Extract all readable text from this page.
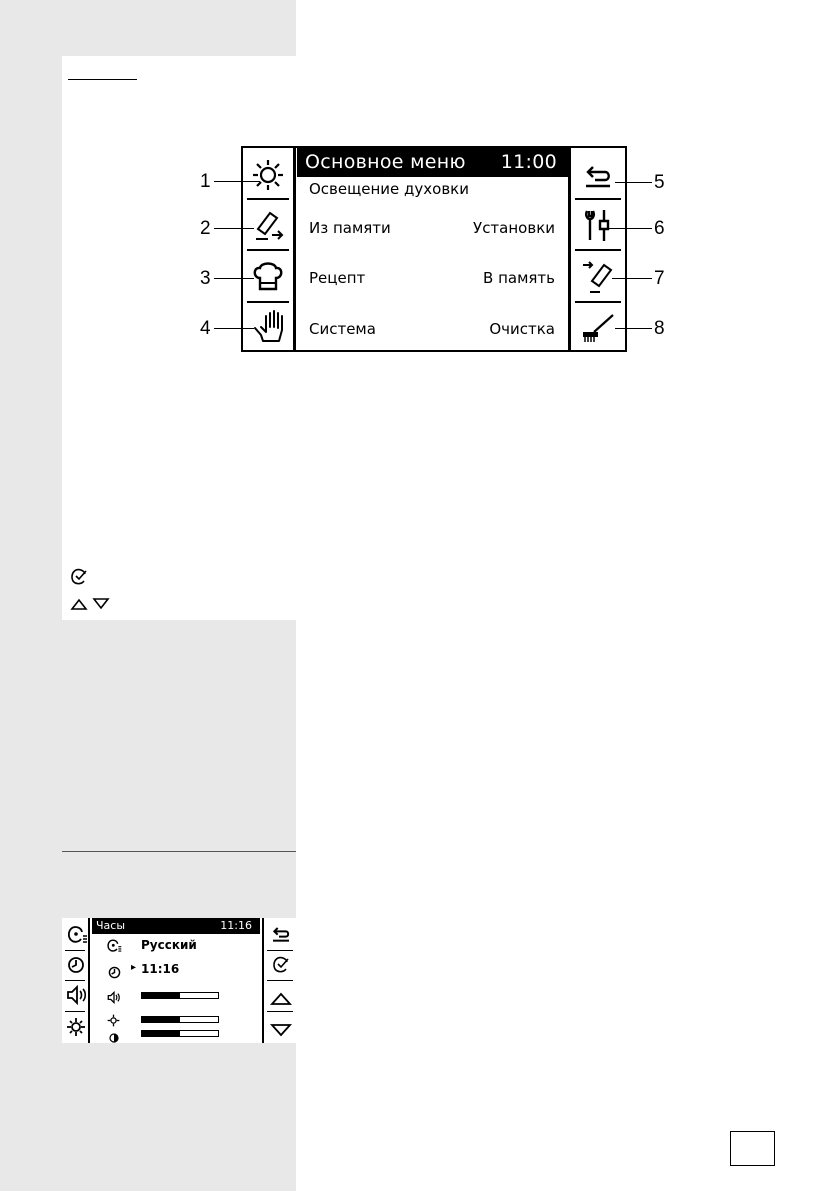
Основное меню 11:00
Освещение духовки
Из памяти	Установки
Рецепт	В память
Система	Очистка
1
2
3
4
5
6
7
8
Часы	11:16
Русский
▸ 11:16
